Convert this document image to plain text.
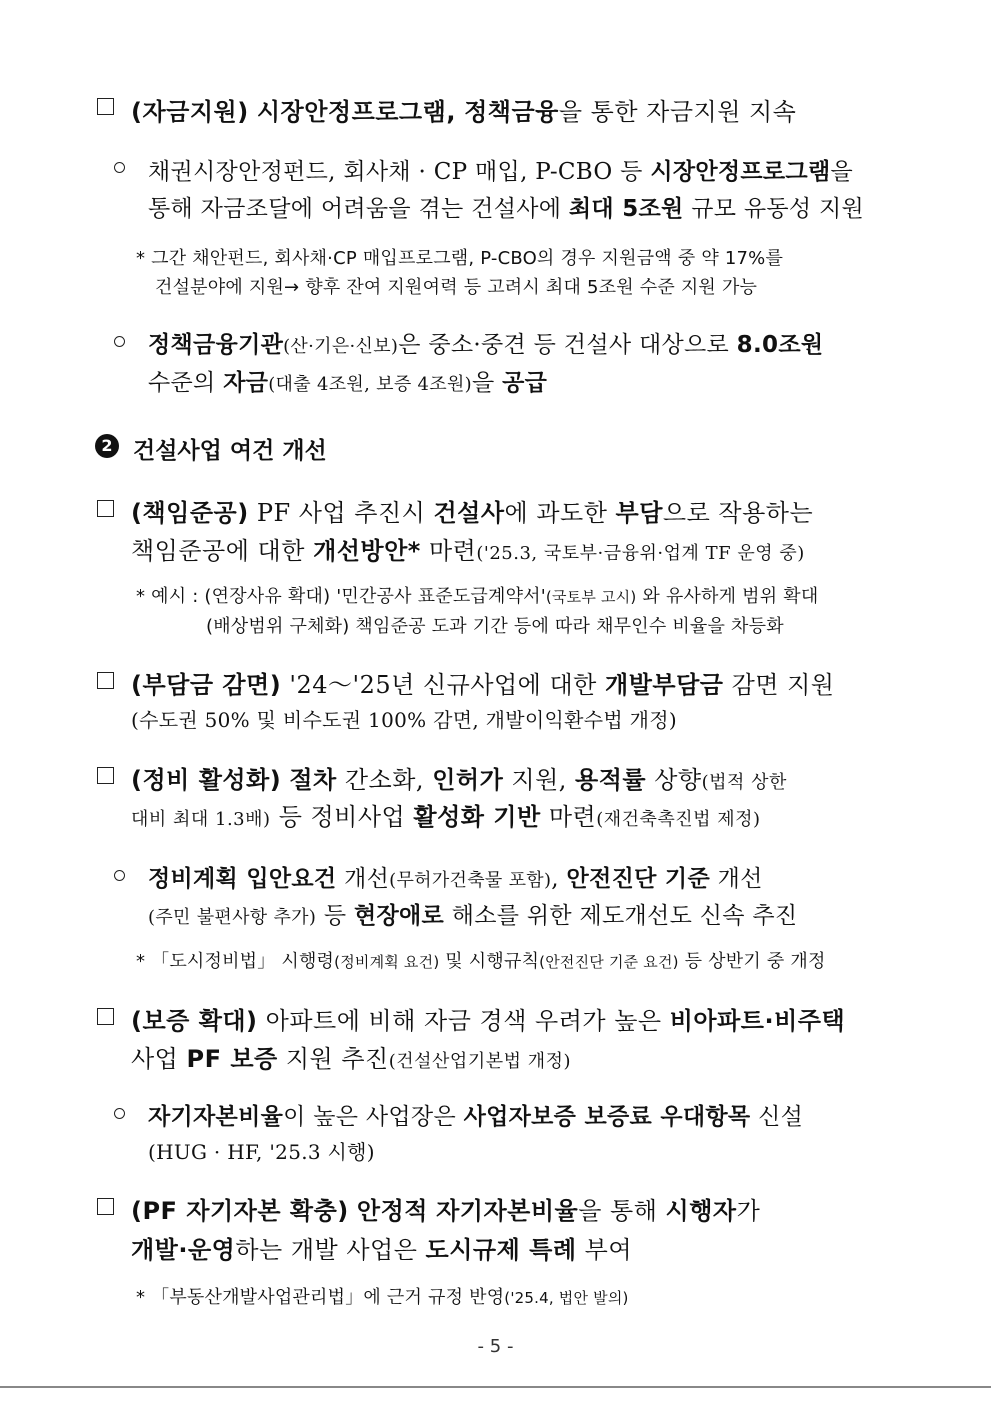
(자금지원) 시장안정프로그램, 정책금융을 통한 자금지원 지속
채권시장안정펀드, 회사채 · CP 매입, P-CBO 등 시장안정프로그램을
통해 자금조달에 어려움을 겪는 건설사에 최대 5조원 규모 유동성 지원
* 그간 채안펀드, 회사채·CP 매입프로그램, P-CBO의 경우 지원금액 중 약 17%를
건설분야에 지원→ 향후 잔여 지원여력 등 고려시 최대 5조원 수준 지원 가능
정책금융기관(산·기은·신보)은 중소·중견 등 건설사 대상으로 8.0조원
수준의 자금(대출 4조원, 보증 4조원)을 공급
2 건설사업 여건 개선
(책임준공) PF 사업 추진시 건설사에 과도한 부담으로 작용하는
책임준공에 대한 개선방안* 마련('25.3, 국토부·금융위·업계 TF 운영 중)
* 예시 : (연장사유 확대) '민간공사 표준도급계약서'(국토부 고시) 와 유사하게 범위 확대
(배상범위 구체화) 책임준공 도과 기간 등에 따라 채무인수 비율을 차등화
(부담금 감면) '24～'25년 신규사업에 대한 개발부담금 감면 지원
(수도권 50% 및 비수도권 100% 감면, 개발이익환수법 개정)
(정비 활성화) 절차 간소화, 인허가 지원, 용적률 상향(법적 상한
대비 최대 1.3배) 등 정비사업 활성화 기반 마련(재건축촉진법 제정)
정비계획 입안요건 개선(무허가건축물 포함), 안전진단 기준 개선
(주민 불편사항 추가) 등 현장애로 해소를 위한 제도개선도 신속 추진
* 「도시정비법」 시행령(정비계획 요건) 및 시행규칙(안전진단 기준 요건) 등 상반기 중 개정
(보증 확대) 아파트에 비해 자금 경색 우려가 높은 비아파트·비주택
사업 PF 보증 지원 추진(건설산업기본법 개정)
자기자본비율이 높은 사업장은 사업자보증 보증료 우대항목 신설
(HUG · HF, '25.3 시행)
(PF 자기자본 확충) 안정적 자기자본비율을 통해 시행자가
개발·운영하는 개발 사업은 도시규제 특례 부여
* 「부동산개발사업관리법」에 근거 규정 반영('25.4, 법안 발의)
- 5 -
